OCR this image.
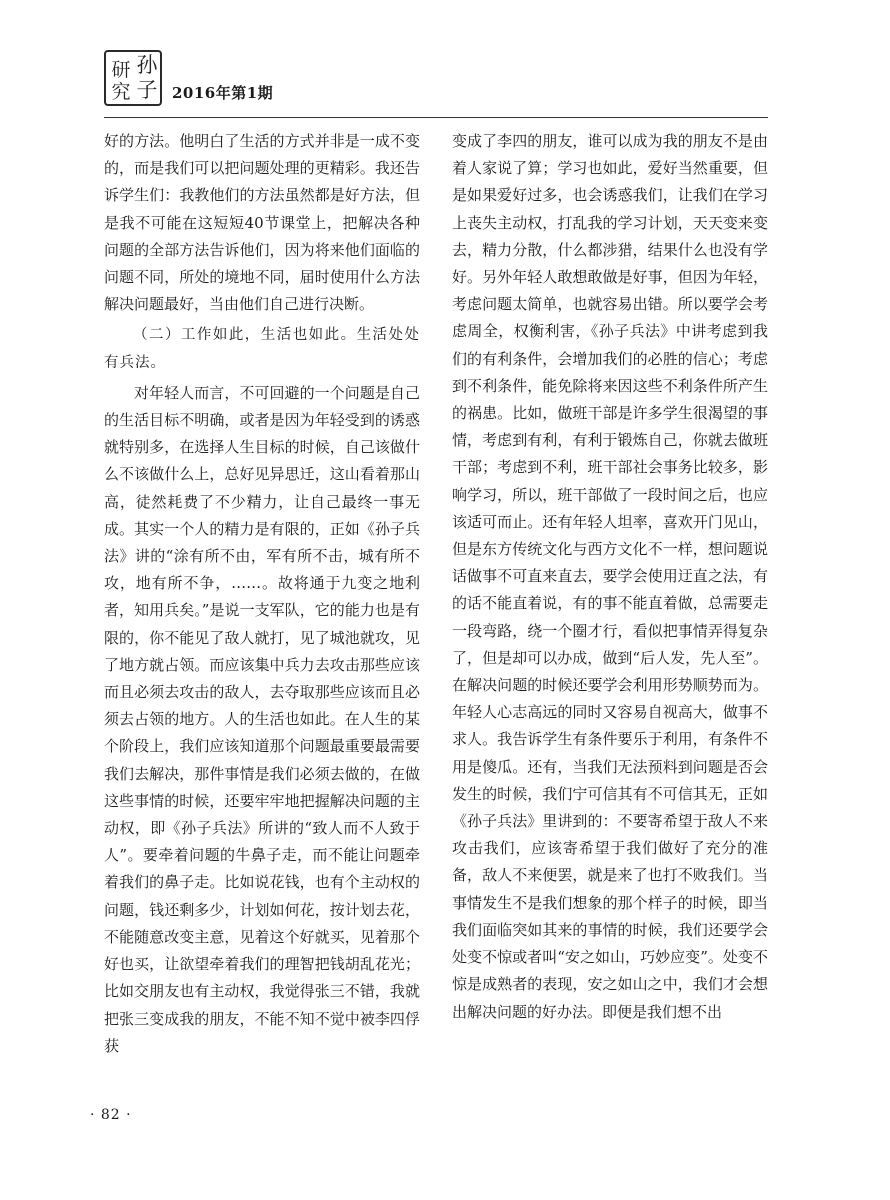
研 孙
究 子 2016年第1期

好的方法。他明白了生活的方式并非是一成不变的，而是我们可以把问题处理的更精彩。我还告诉学生们：我教他们的方法虽然都是好方法，但是我不可能在这短短40节课堂上，把解决各种问题的全部方法告诉他们，因为将来他们面临的问题不同，所处的境地不同，届时使用什么方法解决问题最好，当由他们自己进行决断。

（二）工作如此，生活也如此。生活处处有兵法。

对年轻人而言，不可回避的一个问题是自己的生活目标不明确，或者是因为年轻受到的诱惑就特别多，在选择人生目标的时候，自己该做什么不该做什么上，总好见异思迁，这山看着那山高，徒然耗费了不少精力，让自己最终一事无成。其实一个人的精力是有限的，正如《孙子兵法》讲的“涂有所不由，军有所不击，城有所不攻，地有所不争，……。故将通于九变之地利者，知用兵矣。”是说一支军队，它的能力也是有限的，你不能见了敌人就打，见了城池就攻，见了地方就占领。而应该集中兵力去攻击那些应该而且必须去攻击的敌人，去夺取那些应该而且必须去占领的地方。人的生活也如此。在人生的某个阶段上，我们应该知道那个问题最重要最需要我们去解决，那件事情是我们必须去做的，在做这些事情的时候，还要牢牢地把握解决问题的主动权，即《孙子兵法》所讲的“致人而不人致于人”。要牵着问题的牛鼻子走，而不能让问题牵着我们的鼻子走。比如说花钱，也有个主动权的问题，钱还剩多少，计划如何花，按计划去花，不能随意改变主意，见着这个好就买，见着那个好也买，让欲望牵着我们的理智把钱胡乱花光；比如交朋友也有主动权，我觉得张三不错，我就把张三变成我的朋友，不能不知不觉中被李四俘获

变成了李四的朋友，谁可以成为我的朋友不是由着人家说了算；学习也如此，爱好当然重要，但是如果爱好过多，也会诱惑我们，让我们在学习上丧失主动权，打乱我的学习计划，天天变来变去，精力分散，什么都涉猎，结果什么也没有学好。另外年轻人敢想敢做是好事，但因为年轻，考虑问题太简单，也就容易出错。所以要学会考虑周全，权衡利害，《孙子兵法》中讲考虑到我们的有利条件，会增加我们的必胜的信心；考虑到不利条件，能免除将来因这些不利条件所产生的祸患。比如，做班干部是许多学生很渴望的事情，考虑到有利，有利于锻炼自己，你就去做班干部；考虑到不利，班干部社会事务比较多，影响学习，所以，班干部做了一段时间之后，也应该适可而止。还有年轻人坦率，喜欢开门见山，但是东方传统文化与西方文化不一样，想问题说话做事不可直来直去，要学会使用迂直之法，有的话不能直着说，有的事不能直着做，总需要走一段弯路，绕一个圈才行，看似把事情弄得复杂了，但是却可以办成，做到“后人发，先人至”。在解决问题的时候还要学会利用形势顺势而为。年轻人心志高远的同时又容易自视高大，做事不求人。我告诉学生有条件要乐于利用，有条件不用是傻瓜。还有，当我们无法预料到问题是否会发生的时候，我们宁可信其有不可信其无，正如《孙子兵法》里讲到的：不要寄希望于敌人不来攻击我们，应该寄希望于我们做好了充分的准备，敌人不来便罢，就是来了也打不败我们。当事情发生不是我们想象的那个样子的时候，即当我们面临突如其来的事情的时候，我们还要学会处变不惊或者叫“安之如山，巧妙应变”。处变不惊是成熟者的表现，安之如山之中，我们才会想出解决问题的好办法。即便是我们想不出

· 82 ·
